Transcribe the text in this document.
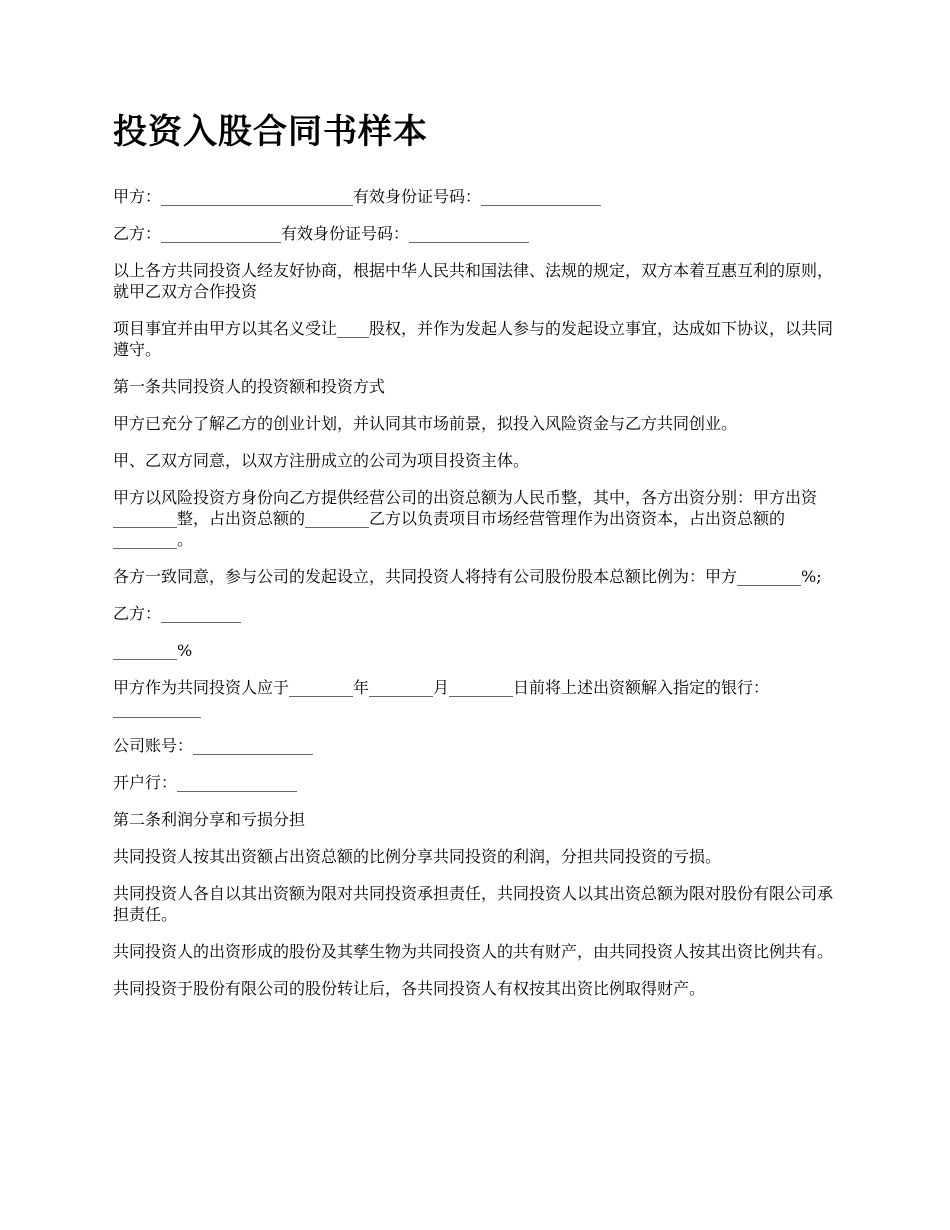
投资入股合同书样本

甲方：________________________有效身份证号码：_______________

乙方：_______________有效身份证号码：_______________

以上各方共同投资人经友好协商，根据中华人民共和国法律、法规的规定，双方本着互惠互利的原则，就甲乙双方合作投资

项目事宜并由甲方以其名义受让____股权，并作为发起人参与的发起设立事宜，达成如下协议，以共同遵守。

第一条共同投资人的投资额和投资方式

甲方已充分了解乙方的创业计划，并认同其市场前景，拟投入风险资金与乙方共同创业。

甲、乙双方同意，以双方注册成立的公司为项目投资主体。

甲方以风险投资方身份向乙方提供经营公司的出资总额为人民币整，其中，各方出资分别：甲方出资________整，占出资总额的________乙方以负责项目市场经营管理作为出资资本，占出资总额的________。

各方一致同意，参与公司的发起设立，共同投资人将持有公司股份股本总额比例为：甲方________%;

乙方：__________

________%

甲方作为共同投资人应于________年________月________日前将上述出资额解入指定的银行：___________

公司账号：_______________

开户行：_______________

第二条利润分享和亏损分担

共同投资人按其出资额占出资总额的比例分享共同投资的利润，分担共同投资的亏损。

共同投资人各自以其出资额为限对共同投资承担责任，共同投资人以其出资总额为限对股份有限公司承担责任。

共同投资人的出资形成的股份及其孳生物为共同投资人的共有财产，由共同投资人按其出资比例共有。

共同投资于股份有限公司的股份转让后，各共同投资人有权按其出资比例取得财产。
